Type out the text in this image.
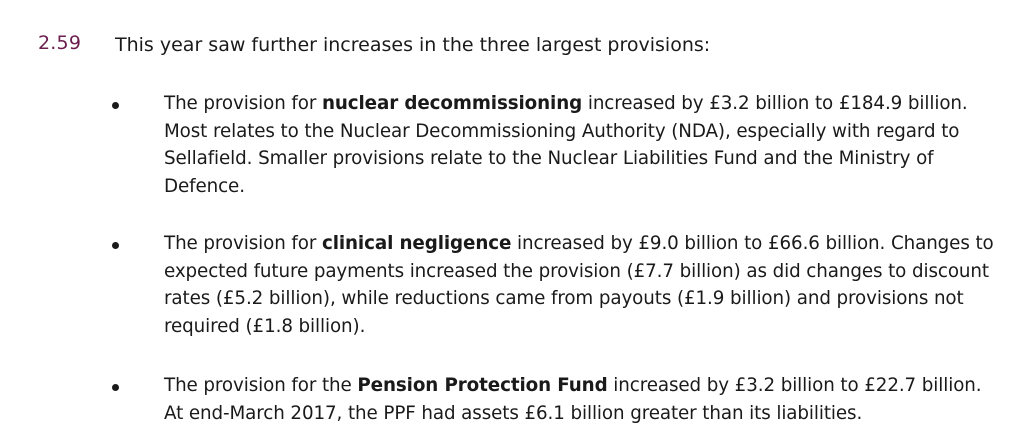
2.59 This year saw further increases in the three largest provisions:
The provision for nuclear decommissioning increased by £3.2 billion to £184.9 billion. Most relates to the Nuclear Decommissioning Authority (NDA), especially with regard to Sellafield. Smaller provisions relate to the Nuclear Liabilities Fund and the Ministry of Defence.
The provision for clinical negligence increased by £9.0 billion to £66.6 billion. Changes to expected future payments increased the provision (£7.7 billion) as did changes to discount rates (£5.2 billion), while reductions came from payouts (£1.9 billion) and provisions not required (£1.8 billion).
The provision for the Pension Protection Fund increased by £3.2 billion to £22.7 billion. At end-March 2017, the PPF had assets £6.1 billion greater than its liabilities.
